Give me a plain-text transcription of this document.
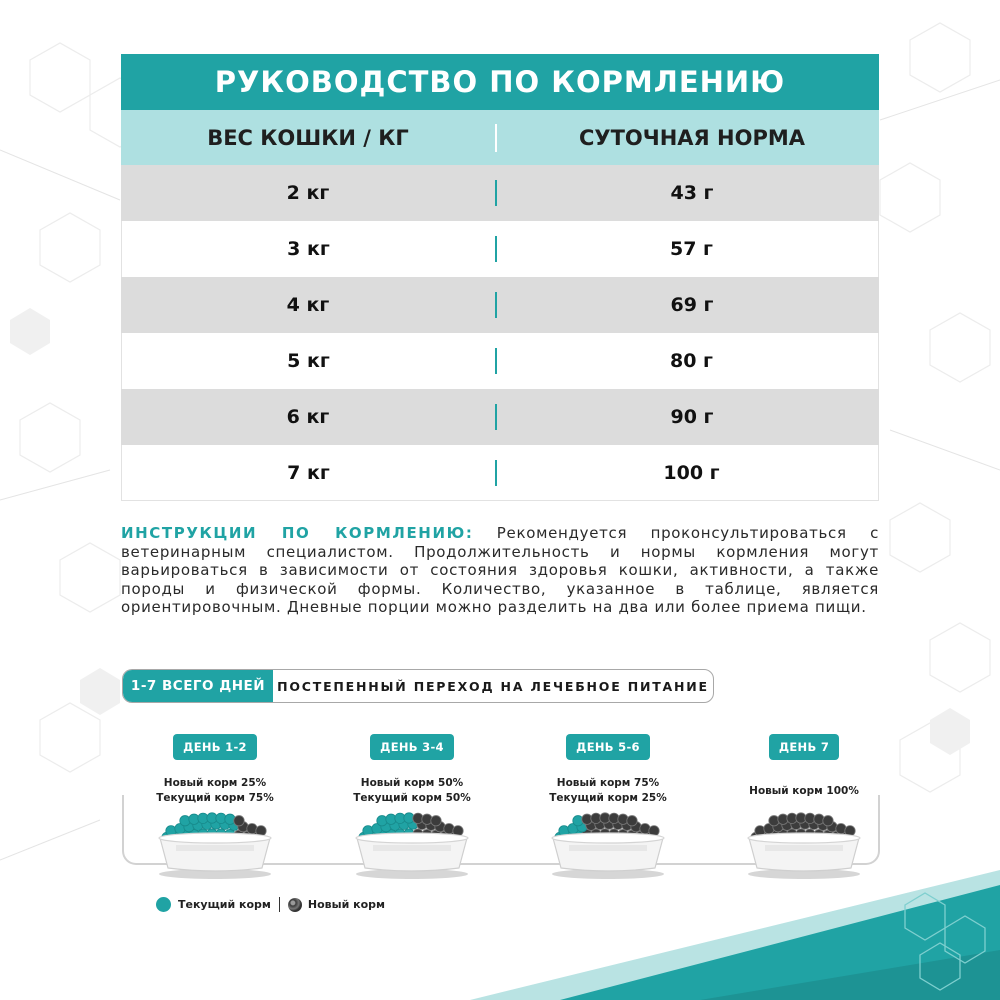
РУКОВОДСТВО ПО КОРМЛЕНИЮ
ВЕС КОШКИ / КГ	СУТОЧНАЯ НОРМА
2 кг	43 г
3 кг	57 г
4 кг	69 г
5 кг	80 г
6 кг	90 г
7 кг	100 г
ИНСТРУКЦИИ ПО КОРМЛЕНИЮ: Рекомендуется проконсультироваться с ветеринарным специалистом. Продолжительность и нормы кормления могут варьироваться в зависимости от состояния здоровья кошки, активности, а также породы и физической формы. Количество, указанное в таблице, является ориентировочным. Дневные порции можно разделить на два или более приема пищи.
1-7 ВСЕГО ДНЕЙ ПОСТЕПЕННЫЙ ПЕРЕХОД НА ЛЕЧЕБНОЕ ПИТАНИЕ
ДЕНЬ 1-2
Новый корм 25%
Текущий корм 75%
ДЕНЬ 3-4
Новый корм 50%
Текущий корм 50%
ДЕНЬ 5-6
Новый корм 75%
Текущий корм 25%
ДЕНЬ 7
Новый корм 100%
Текущий корм	Новый корм
